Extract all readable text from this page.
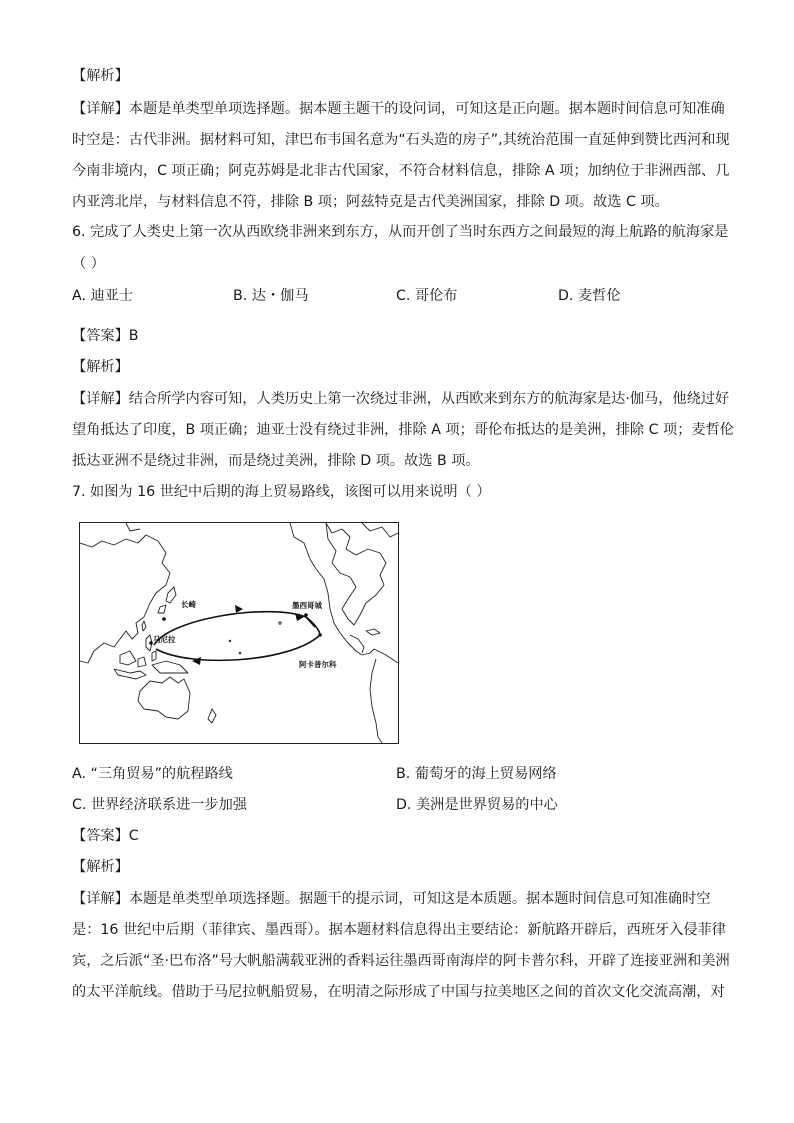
【解析】
【详解】本题是单类型单项选择题。据本题主题干的设问词，可知这是正向题。据本题时间信息可知准确
时空是：古代非洲。据材料可知，津巴布韦国名意为“石头造的房子”,其统治范围一直延伸到赞比西河和现
今南非境内，C 项正确；阿克苏姆是北非古代国家，不符合材料信息，排除 A 项；加纳位于非洲西部、几
内亚湾北岸，与材料信息不符，排除 B 项；阿兹特克是古代美洲国家，排除 D 项。故选 C 项。
6. 完成了人类史上第一次从西欧绕非洲来到东方，从而开创了当时东西方之间最短的海上航路的航海家是
（ ）
A. 迪亚士	B. 达・伽马	C. 哥伦布	D. 麦哲伦
【答案】B
【解析】
【详解】结合所学内容可知，人类历史上第一次绕过非洲，从西欧来到东方的航海家是达·伽马，他绕过好
望角抵达了印度，B 项正确；迪亚士没有绕过非洲，排除 A 项；哥伦布抵达的是美洲，排除 C 项；麦哲伦
抵达亚洲不是绕过非洲，而是绕过美洲，排除 D 项。故选 B 项。
7. 如图为 16 世纪中后期的海上贸易路线，该图可以用来说明（ ）
长崎
马尼拉
墨西哥城
阿卡普尔科
A. “三角贸易”的航程路线	B. 葡萄牙的海上贸易网络
C. 世界经济联系进一步加强	D. 美洲是世界贸易的中心
【答案】C
【解析】
【详解】本题是单类型单项选择题。据题干的提示词，可知这是本质题。据本题时间信息可知准确时空
是：16 世纪中后期（菲律宾、墨西哥）。据本题材料信息得出主要结论：新航路开辟后，西班牙入侵菲律
宾，之后派“圣·巴布洛”号大帆船满载亚洲的香料运往墨西哥南海岸的阿卡普尔科，开辟了连接亚洲和美洲
的太平洋航线。借助于马尼拉帆船贸易，在明清之际形成了中国与拉美地区之间的首次文化交流高潮，对
